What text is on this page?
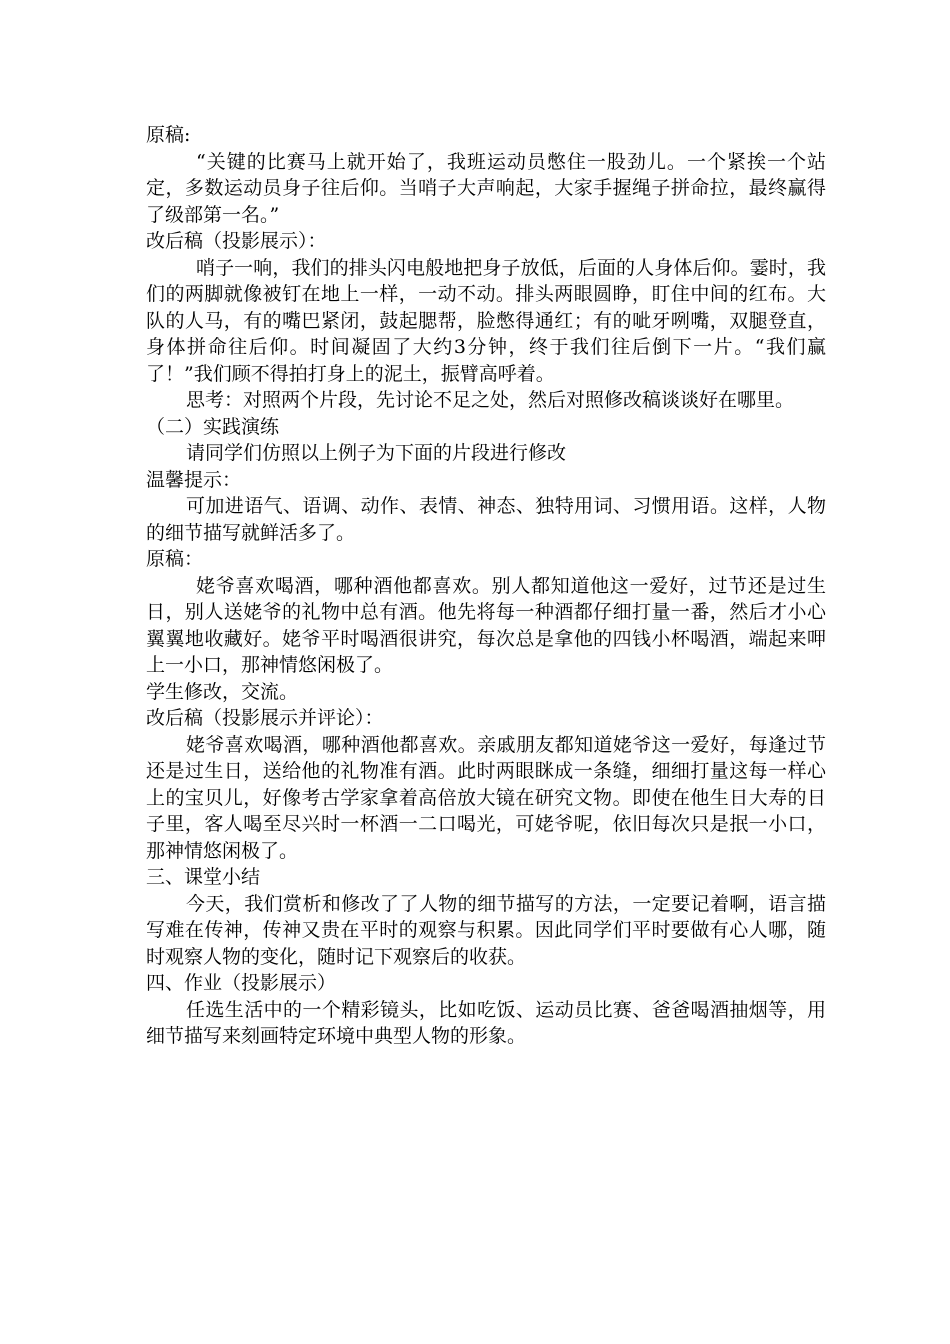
原稿:

“关键的比赛马上就开始了，我班运动员憋住一股劲儿。一个紧挨一个站定，多数运动员身子往后仰。当哨子大声响起，大家手握绳子拼命拉，最终赢得了级部第一名。”

改后稿（投影展示）：

哨子一响，我们的排头闪电般地把身子放低，后面的人身体后仰。霎时，我们的两脚就像被钉在地上一样，一动不动。排头两眼圆睁，盯住中间的红布。大队的人马，有的嘴巴紧闭，鼓起腮帮，脸憋得通红；有的呲牙咧嘴，双腿登直，身体拼命往后仰。时间凝固了大约3分钟，终于我们往后倒下一片。“我们赢了！”我们顾不得拍打身上的泥土，振臂高呼着。

思考：对照两个片段，先讨论不足之处，然后对照修改稿谈谈好在哪里。

（二）实践演练

请同学们仿照以上例子为下面的片段进行修改

温馨提示：

可加进语气、语调、动作、表情、神态、独特用词、习惯用语。这样，人物的细节描写就鲜活多了。

原稿：

姥爷喜欢喝酒，哪种酒他都喜欢。别人都知道他这一爱好，过节还是过生日，别人送姥爷的礼物中总有酒。他先将每一种酒都仔细打量一番，然后才小心翼翼地收藏好。姥爷平时喝酒很讲究，每次总是拿他的四钱小杯喝酒，端起来呷上一小口，那神情悠闲极了。

学生修改，交流。

改后稿（投影展示并评论）：

姥爷喜欢喝酒，哪种酒他都喜欢。亲戚朋友都知道姥爷这一爱好，每逢过节还是过生日，送给他的礼物准有酒。此时两眼眯成一条缝，细细打量这每一样心上的宝贝儿，好像考古学家拿着高倍放大镜在研究文物。即使在他生日大寿的日子里，客人喝至尽兴时一杯酒一二口喝光，可姥爷呢，依旧每次只是抿一小口，那神情悠闲极了。

三、课堂小结

今天，我们赏析和修改了了人物的细节描写的方法，一定要记着啊，语言描写难在传神，传神又贵在平时的观察与积累。因此同学们平时要做有心人哪，随时观察人物的变化，随时记下观察后的收获。

四、作业（投影展示）

任选生活中的一个精彩镜头，比如吃饭、运动员比赛、爸爸喝酒抽烟等，用细节描写来刻画特定环境中典型人物的形象。
